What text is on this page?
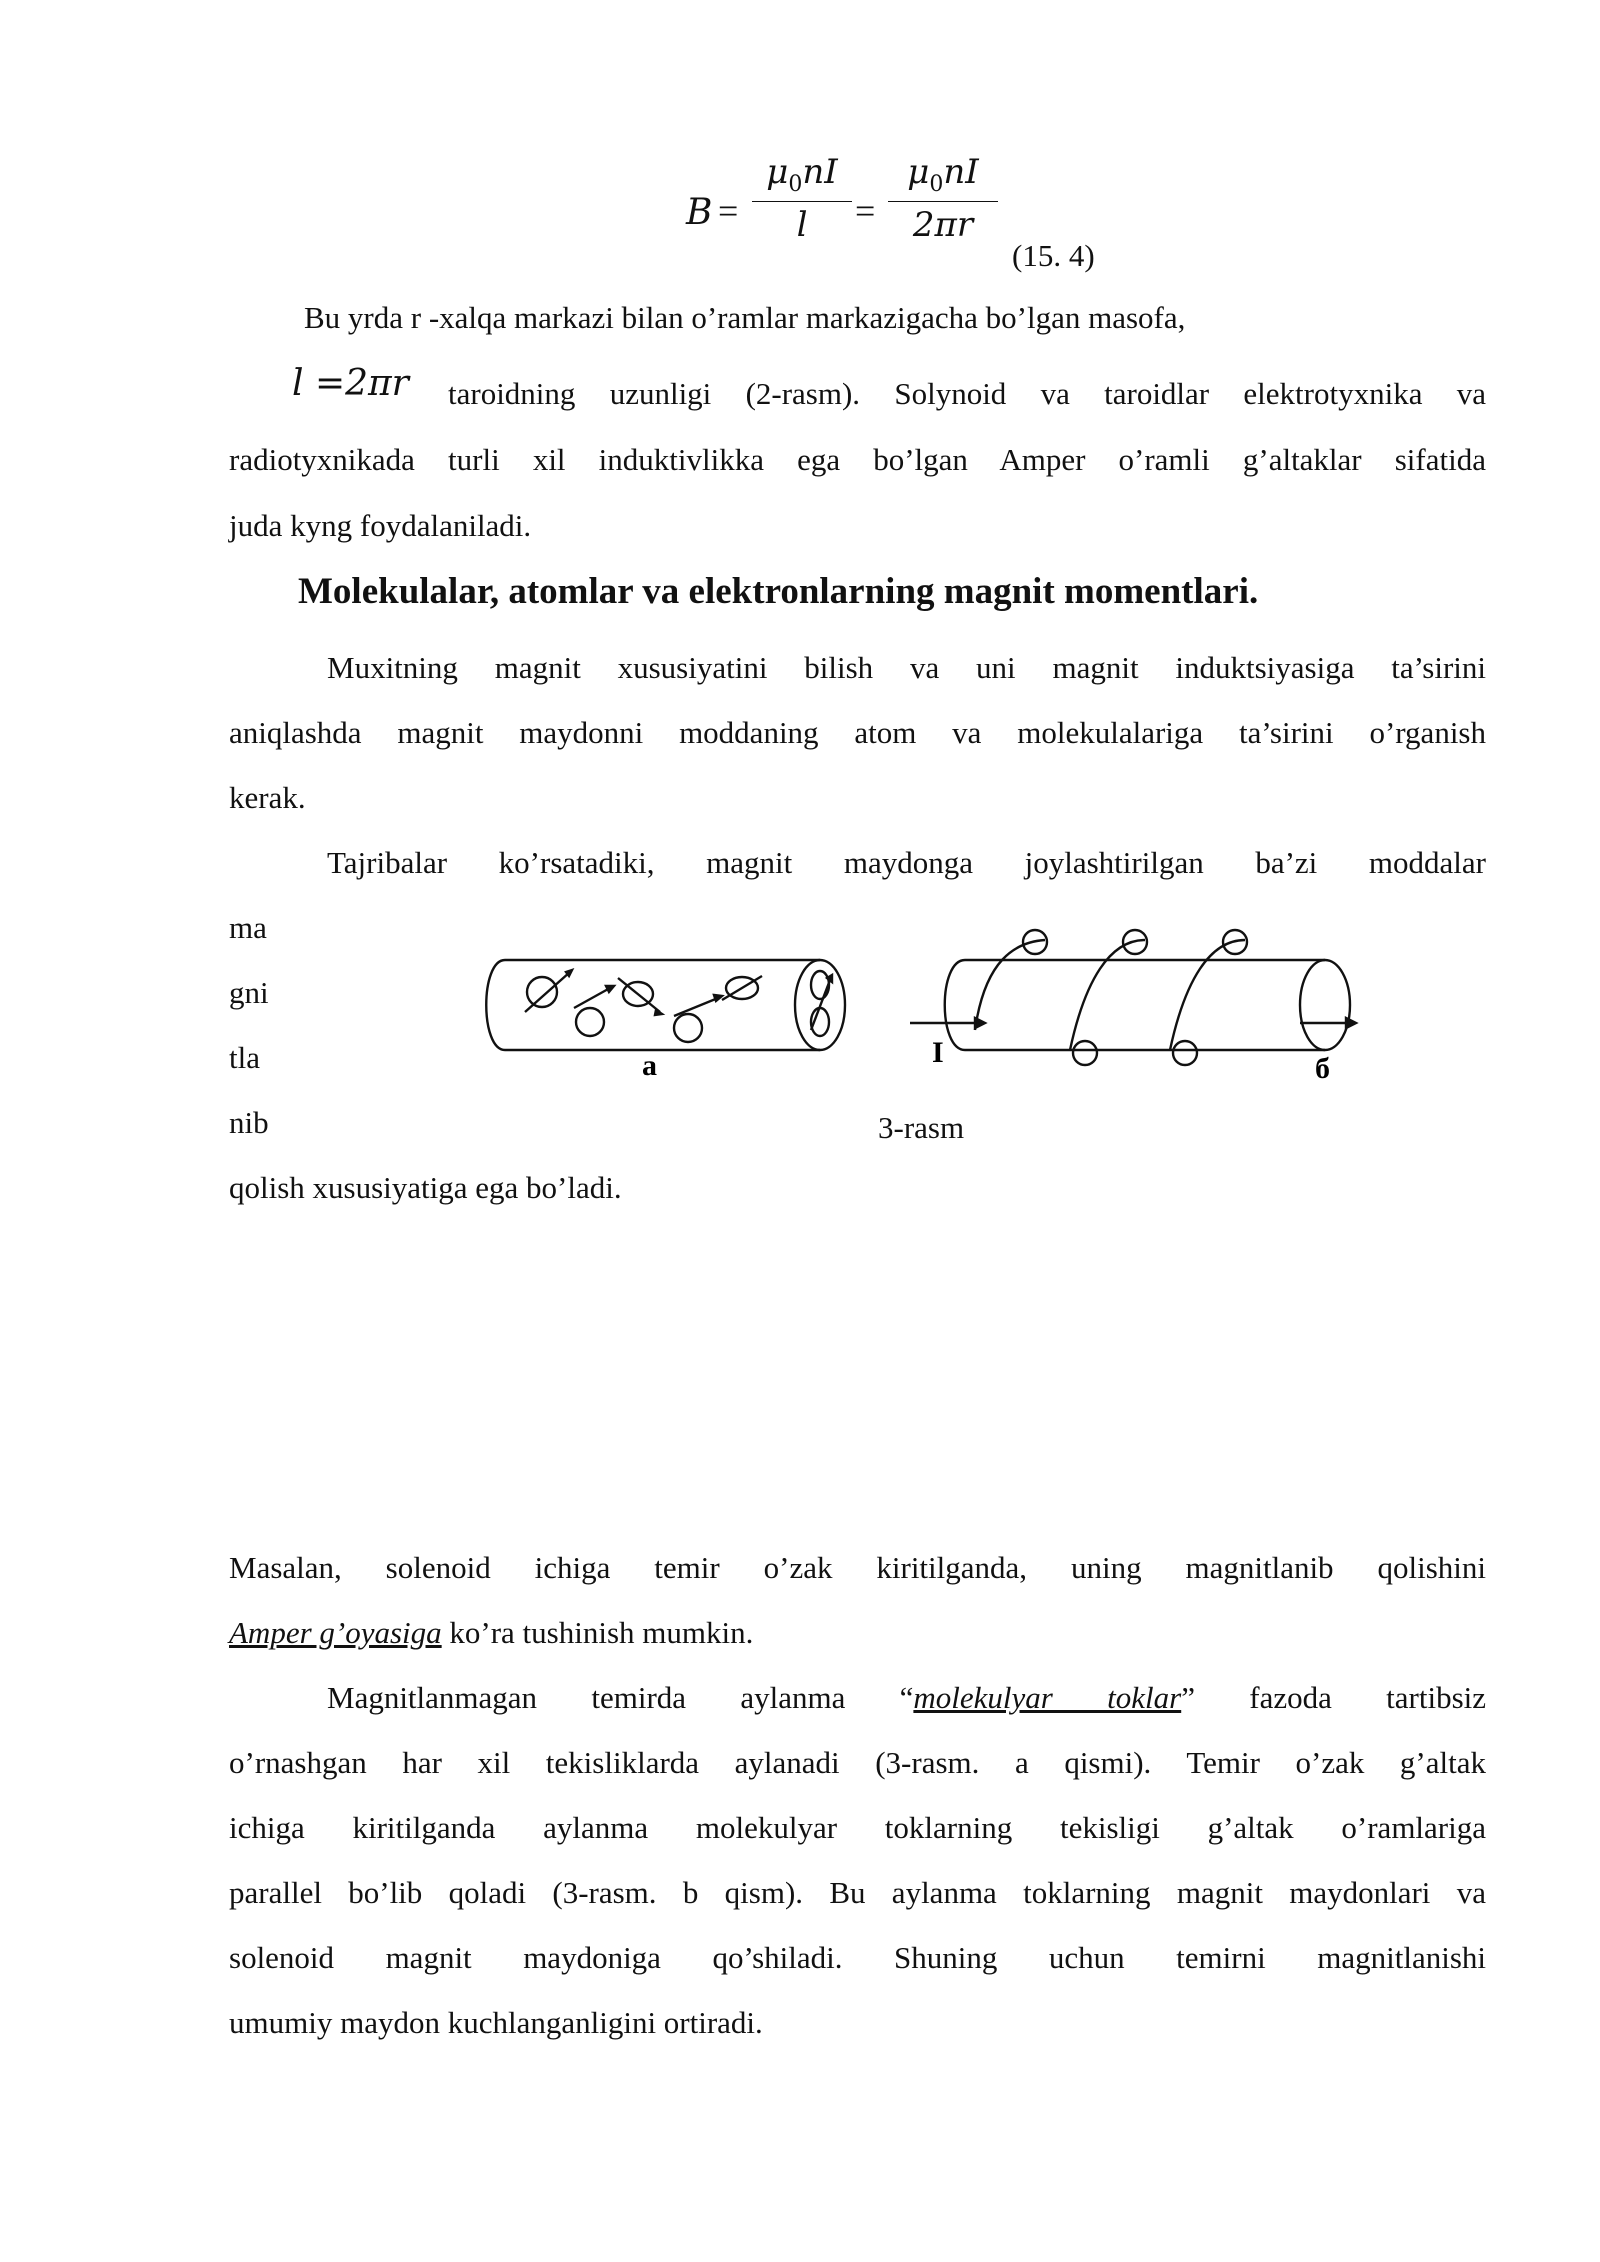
$B = \frac{\mu_0nI}{l} = \frac{\mu_0nI}{2\pi r}$
(15. 4)
Bu yrda r -xalqa markazi bilan o’ramlar markazigacha bo’lgan masofa,
l =2πr taroidning uzunligi (2-rasm). Solynoid va taroidlar elektrotyxnika va
radiotyxnikada turli xil induktivlikka ega bo’lgan Amper o’ramli g’altaklar sifatida
juda kyng foydalaniladi.
Molekulalar, atomlar va elektronlarning magnit momentlari.
Muxitning magnit xususiyatini bilish va uni magnit induktsiyasiga ta’sirini
aniqlashda magnit maydonni moddaning atom va molekulalariga ta’sirini o’rganish
kerak.
Tajribalar ko’rsatadiki, magnit maydonga joylashtirilgan ba’zi moddalar
ma
gni
tla
nib
qolish xususiyatiga ega bo’ladi.
a	I	б
3-rasm
Masalan, solenoid ichiga temir o’zak kiritilganda, uning magnitlanib qolishini
Amper g’oyasiga ko’ra tushinish mumkin.
Magnitlanmagan temirda aylanma “molekulyar toklar” fazoda tartibsiz
o’rnashgan har xil tekisliklarda aylanadi (3-rasm. a qismi). Temir o’zak g’altak
ichiga kiritilganda aylanma molekulyar toklarning tekisligi g’altak o’ramlariga
parallel bo’lib qoladi (3-rasm. b qism). Bu aylanma toklarning magnit maydonlari va
solenoid magnit maydoniga qo’shiladi. Shuning uchun temirni magnitlanishi
umumiy maydon kuchlanganligini ortiradi.
